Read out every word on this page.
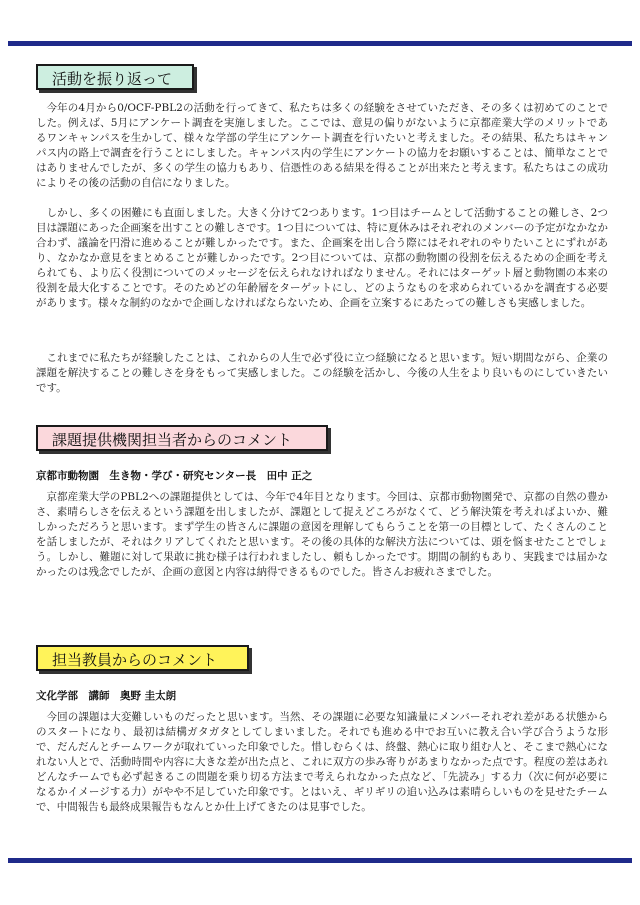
活動を振り返って

今年の4月から0/OCF-PBL2の活動を行ってきて、私たちは多くの経験をさせていただき、その多くは初めてのことでした。例えば、5月にアンケート調査を実施しました。ここでは、意見の偏りがないように京都産業大学のメリットであるワンキャンパスを生かして、様々な学部の学生にアンケート調査を行いたいと考えました。その結果、私たちはキャンパス内の路上で調査を行うことにしました。キャンパス内の学生にアンケートの協力をお願いすることは、簡単なことではありませんでしたが、多くの学生の協力もあり、信憑性のある結果を得ることが出来たと考えます。私たちはこの成功によりその後の活動の自信になりました。

しかし、多くの困難にも直面しました。大きく分けて2つあります。1つ目はチームとして活動することの難しさ、2つ目は課題にあった企画案を出すことの難しさです。1つ目については、特に夏休みはそれぞれのメンバーの予定がなかなか合わず、議論を円滑に進めることが難しかったです。また、企画案を出し合う際にはそれぞれのやりたいことにずれがあり、なかなか意見をまとめることが難しかったです。2つ目については、京都の動物園の役割を伝えるための企画を考えられても、より広く役割についてのメッセージを伝えられなければなりません。それにはターゲット層と動物園の本来の役割を最大化することです。そのためどの年齢層をターゲットにし、どのようなものを求められているかを調査する必要があります。様々な制約のなかで企画しなければならないため、企画を立案するにあたっての難しさも実感しました。

これまでに私たちが経験したことは、これからの人生で必ず役に立つ経験になると思います。短い期間ながら、企業の課題を解決することの難しさを身をもって実感しました。この経験を活かし、今後の人生をより良いものにしていきたいです。

課題提供機関担当者からのコメント
京都市動物園　生き物・学び・研究センター長　田中 正之

京都産業大学のPBL2への課題提供としては、今年で4年目となります。今回は、京都市動物園発で、京都の自然の豊かさ、素晴らしさを伝えるという課題を出しましたが、課題として捉えどころがなくて、どう解決策を考えればよいか、難しかっただろうと思います。まず学生の皆さんに課題の意図を理解してもらうことを第一の目標として、たくさんのことを話しましたが、それはクリアしてくれたと思います。その後の具体的な解決方法については、頭を悩ませたことでしょう。しかし、難題に対して果敢に挑む様子は行われましたし、頼もしかったです。期間の制約もあり、実践までは届かなかったのは残念でしたが、企画の意図と内容は納得できるものでした。皆さんお疲れさまでした。

担当教員からのコメント
文化学部　講師　奥野 圭太朗

今回の課題は大変難しいものだったと思います。当然、その課題に必要な知識量にメンバーそれぞれ差がある状態からのスタートになり、最初は結構ガタガタとしてしまいました。それでも進める中でお互いに教え合い学び合うような形で、だんだんとチームワークが取れていった印象でした。惜しむらくは、終盤、熱心に取り組む人と、そこまで熱心になれない人とで、活動時間や内容に大きな差が出た点と、これに双方の歩み寄りがあまりなかった点です。程度の差はあれどんなチームでも必ず起きるこの問題を乗り切る方法まで考えられなかった点など、「先読み」する力（次に何が必要になるかイメージする力）がやや不足していた印象です。とはいえ、ギリギリの追い込みは素晴らしいものを見せたチームで、中間報告も最終成果報告もなんとか仕上げてきたのは見事でした。
